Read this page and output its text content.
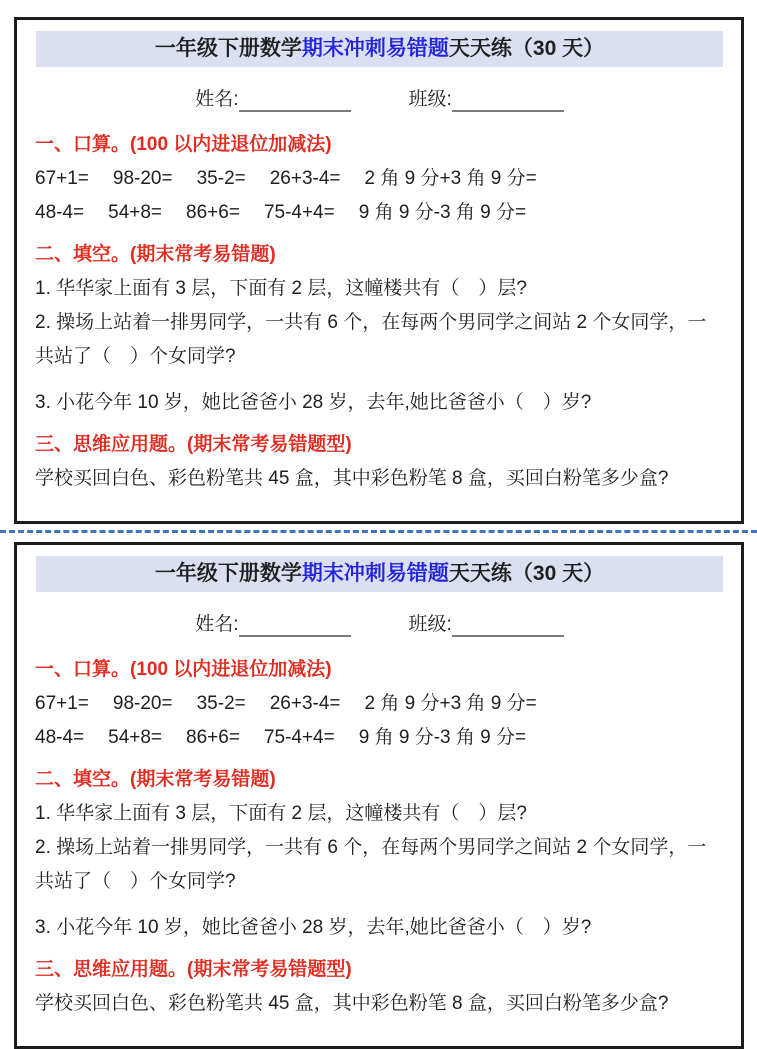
一年级下册数学期末冲刺易错题天天练（30 天）
姓名:	班级:
一、口算。(100 以内进退位加减法)
67+1= 98-20= 35-2= 26+3-4= 2 角 9 分+3 角 9 分=
48-4= 54+8= 86+6= 75-4+4= 9 角 9 分-3 角 9 分=
二、填空。(期末常考易错题)
1. 华华家上面有 3 层，下面有 2 层，这幢楼共有（　）层?
2. 操场上站着一排男同学，一共有 6 个，在每两个男同学之间站 2 个女同学，一共站了（　）个女同学?
3. 小花今年 10 岁，她比爸爸小 28 岁，去年,她比爸爸小（　）岁?
三、思维应用题。(期末常考易错题型)
学校买回白色、彩色粉笔共 45 盒，其中彩色粉笔 8 盒，买回白粉笔多少盒?
一年级下册数学期末冲刺易错题天天练（30 天）
姓名:	班级:
一、口算。(100 以内进退位加减法)
67+1= 98-20= 35-2= 26+3-4= 2 角 9 分+3 角 9 分=
48-4= 54+8= 86+6= 75-4+4= 9 角 9 分-3 角 9 分=
二、填空。(期末常考易错题)
1. 华华家上面有 3 层，下面有 2 层，这幢楼共有（　）层?
2. 操场上站着一排男同学，一共有 6 个，在每两个男同学之间站 2 个女同学，一共站了（　）个女同学?
3. 小花今年 10 岁，她比爸爸小 28 岁，去年,她比爸爸小（　）岁?
三、思维应用题。(期末常考易错题型)
学校买回白色、彩色粉笔共 45 盒，其中彩色粉笔 8 盒，买回白粉笔多少盒?
